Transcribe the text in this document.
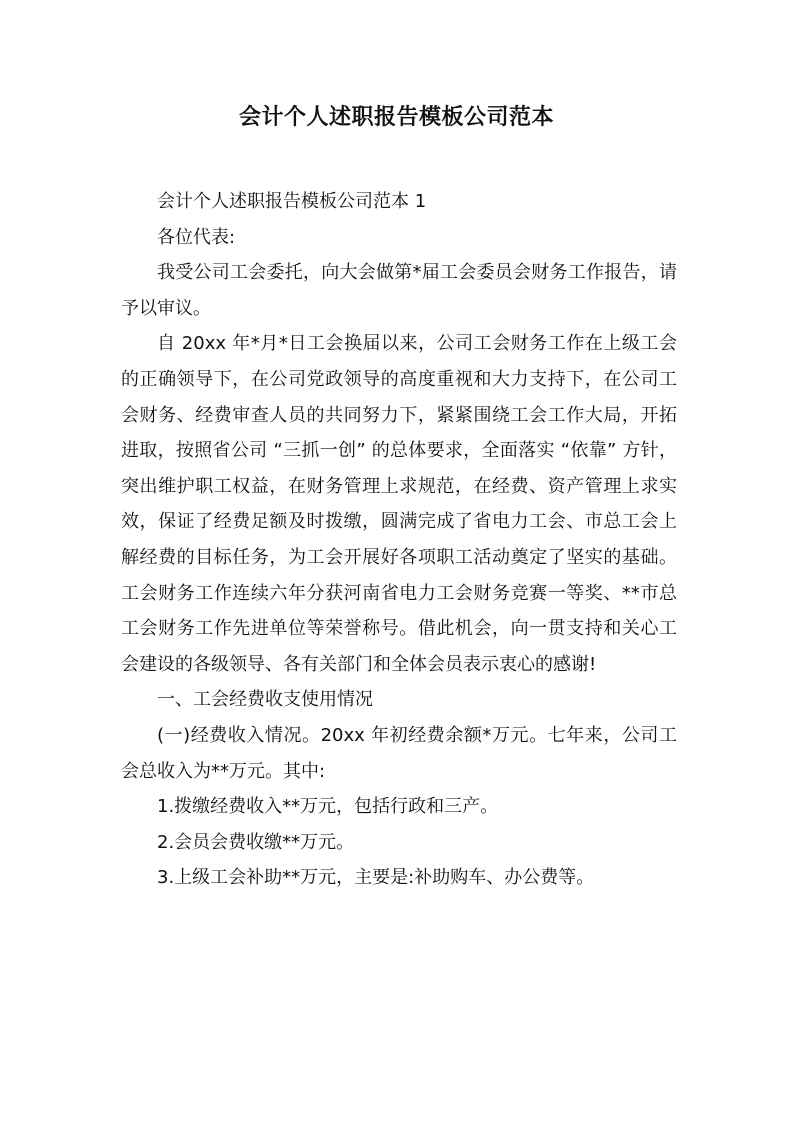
会计个人述职报告模板公司范本

会计个人述职报告模板公司范本 1

各位代表:

我受公司工会委托，向大会做第*届工会委员会财务工作报告，请予以审议。

自 20xx 年*月*日工会换届以来，公司工会财务工作在上级工会的正确领导下，在公司党政领导的高度重视和大力支持下，在公司工会财务、经费审查人员的共同努力下，紧紧围绕工会工作大局，开拓进取，按照省公司 “三抓一创” 的总体要求，全面落实 “依靠” 方针，突出维护职工权益，在财务管理上求规范，在经费、资产管理上求实效，保证了经费足额及时拨缴，圆满完成了省电力工会、市总工会上解经费的目标任务，为工会开展好各项职工活动奠定了坚实的基础。工会财务工作连续六年分获河南省电力工会财务竞赛一等奖、**市总工会财务工作先进单位等荣誉称号。借此机会，向一贯支持和关心工会建设的各级领导、各有关部门和全体会员表示衷心的感谢!

一、工会经费收支使用情况

(一)经费收入情况。20xx 年初经费余额*万元。七年来，公司工会总收入为**万元。其中:

1.拨缴经费收入**万元，包括行政和三产。

2.会员会费收缴**万元。

3.上级工会补助**万元，主要是:补助购车、办公费等。
